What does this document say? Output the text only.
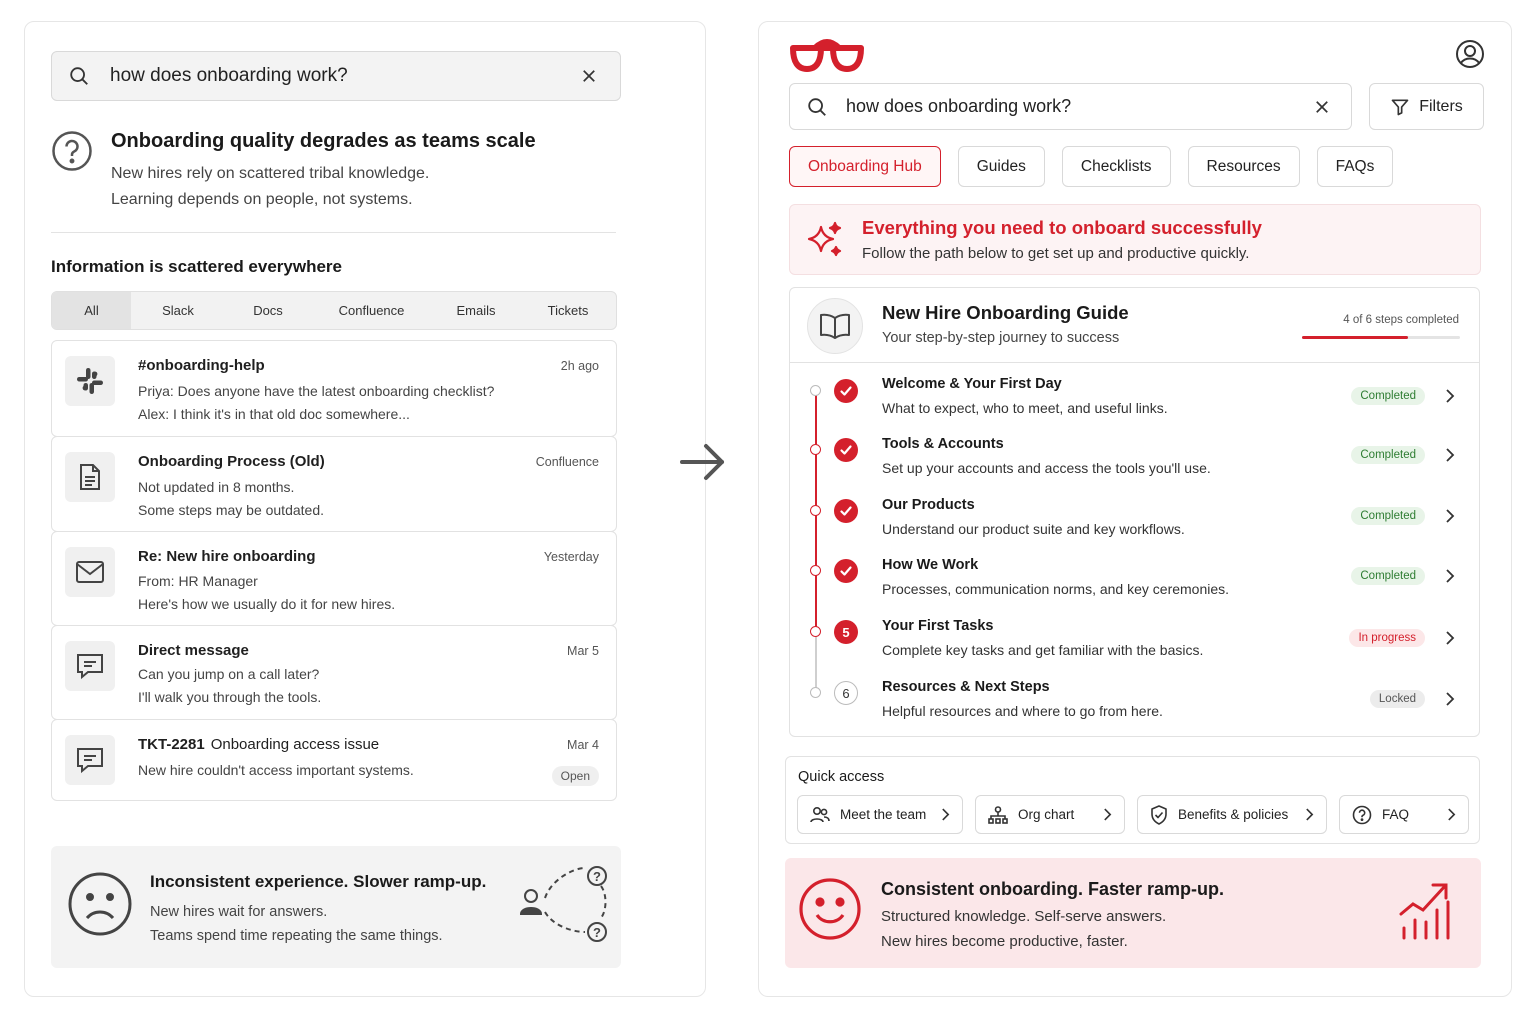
how does onboarding work?
Onboarding quality degrades as teams scale
New hires rely on scattered tribal knowledge.
Learning depends on people, not systems.
Information is scattered everywhere
All	Slack	Docs	Confluence	Emails	Tickets
#onboarding-help	2h ago
Priya: Does anyone have the latest onboarding checklist?
Alex: I think it's in that old doc somewhere...
Onboarding Process (Old)	Confluence
Not updated in 8 months.
Some steps may be outdated.
Re: New hire onboarding	Yesterday
From: HR Manager
Here's how we usually do it for new hires.
Direct message	Mar 5
Can you jump on a call later?
I'll walk you through the tools.
TKT-2281 Onboarding access issue	Mar 4
New hire couldn't access important systems.	Open
Inconsistent experience. Slower ramp-up.
New hires wait for answers.
Teams spend time repeating the same things.
?
?
how does onboarding work?	Filters
Onboarding Hub	Guides	Checklists	Resources	FAQs
Everything you need to onboard successfully
Follow the path below to get set up and productive quickly.
New Hire Onboarding Guide
Your step-by-step journey to success
4 of 6 steps completed
Welcome & Your First Day
What to expect, who to meet, and useful links.
Completed
Tools & Accounts
Set up your accounts and access the tools you'll use.
Completed
Our Products
Understand our product suite and key workflows.
Completed
How We Work
Processes, communication norms, and key ceremonies.
Completed
5	Your First Tasks
Complete key tasks and get familiar with the basics.
In progress
6	Resources & Next Steps
Helpful resources and where to go from here.
Locked
Quick access
Meet the team	Org chart	Benefits & policies	FAQ
Consistent onboarding. Faster ramp-up.
Structured knowledge. Self-serve answers.
New hires become productive, faster.
